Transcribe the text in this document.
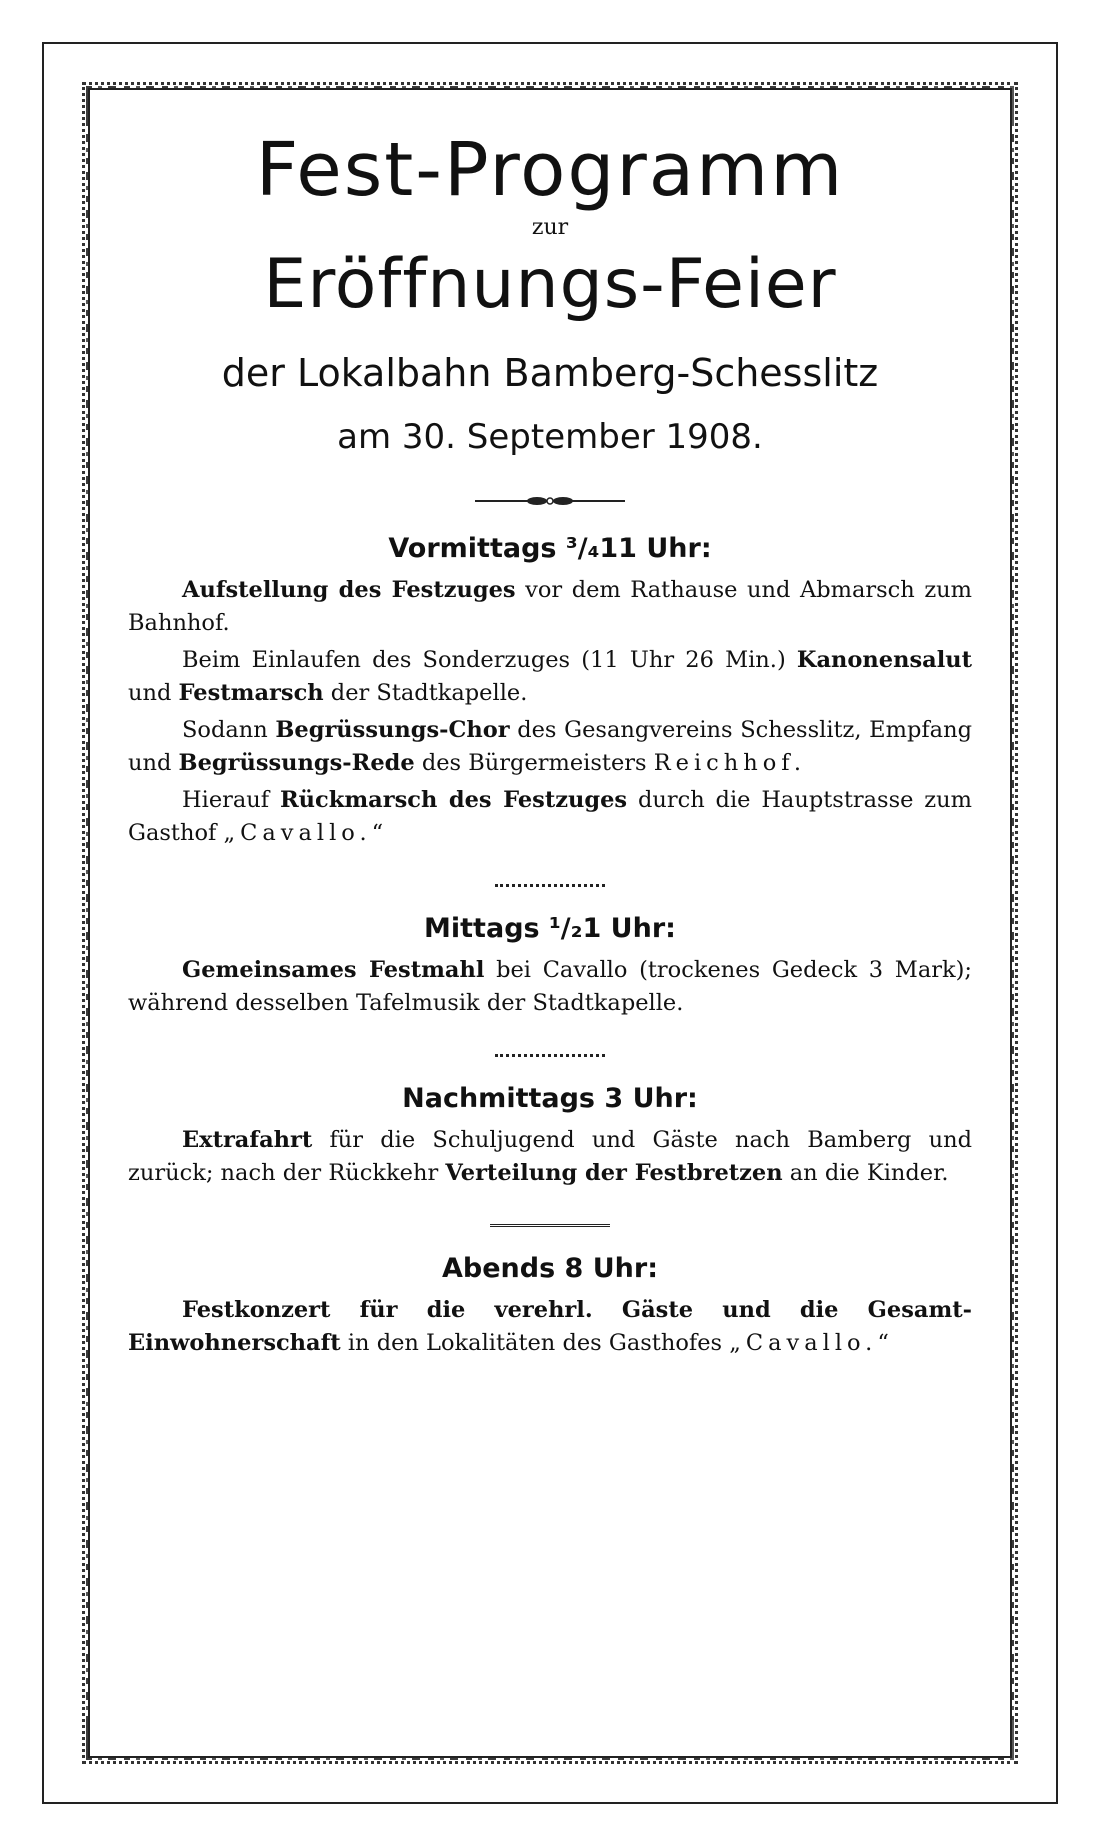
Fest-Programm
zur
Eröffnungs-Feier
der Lokalbahn Bamberg-Schesslitz
am 30. September 1908.
Vormittags ³/₄11 Uhr:

Aufstellung des Festzuges vor dem Rathause und Abmarsch zum Bahnhof.

Beim Einlaufen des Sonderzuges (11 Uhr 26 Min.) Kanonensalut und Festmarsch der Stadtkapelle.

Sodann Begrüssungs-Chor des Gesangvereins Schesslitz, Empfang und Begrüssungs-Rede des Bürgermeisters Reichhof.

Hierauf Rückmarsch des Festzuges durch die Hauptstrasse zum Gasthof „Cavallo.“

Mittags ¹/₂1 Uhr:

Gemeinsames Festmahl bei Cavallo (trockenes Gedeck 3 Mark); während desselben Tafelmusik der Stadtkapelle.

Nachmittags 3 Uhr:

Extrafahrt für die Schuljugend und Gäste nach Bamberg und zurück; nach der Rückkehr Verteilung der Festbretzen an die Kinder.

Abends 8 Uhr:

Festkonzert für die verehrl. Gäste und die Gesamt-Einwohnerschaft in den Lokalitäten des Gasthofes „Cavallo.“
